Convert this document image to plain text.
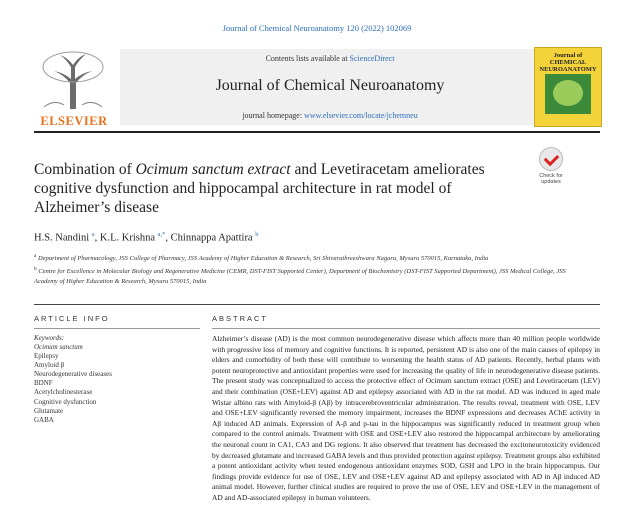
Journal of Chemical Neuroanatomy 120 (2022) 102069
ELSEVIER
Contents lists available at ScienceDirect
Journal of Chemical Neuroanatomy
journal homepage: www.elsevier.com/locate/jchemneu
Journal of CHEMICAL NEUROANATOMY
Combination of Ocimum sanctum extract and Levetiracetam ameliorates cognitive dysfunction and hippocampal architecture in rat model of Alzheimer’s disease
Check for updates
H.S. Nandini $^a$, K.L. Krishna $^{a,*}$, Chinnappa Apattira $^b$
$^a$ Department of Pharmacology, JSS College of Pharmacy, JSS Academy of Higher Education & Research, Sri Shivarathreeshwara Nagara, Mysuru 570015, Karnataka, India
$^b$ Centre for Excellence in Molecular Biology and Regenerative Medicine (CEMR, DST-FIST Supported Center), Department of Biochemistry (DST-FIST Supported Department), JSS Medical College, JSS Academy of Higher Education & Research, Mysuru 570015, India
ARTICLE INFO	ABSTRACT
Keywords:
Ocimum sanctum
Epilepsy
Amyloid β
Neurodegenerative diseases
BDNF
Acetylcholinesterase
Cognitive dysfunction
Glutamate
GABA
Alzheimer’s disease (AD) is the most common neurodegenerative disease which affects more than 40 million people worldwide with progressive loss of memory and cognitive functions. It is reported, persistent AD is also one of the main causes of epilepsy in elders and comorbidity of both these will contribute to worsening the health status of AD patients. Recently, herbal plants with potent neuroprotective and antioxidant properties were used for increasing the quality of life in neurodegenerative disease patients. The present study was conceptualized to access the protective effect of Ocimum sanctum extract (OSE) and Levetiracetam (LEV) and their combination (OSE+LEV) against AD and epilepsy associated with AD in the rat model. AD was induced in aged male Wistar albino rats with Amyloid-β (Aβ) by intracerebroventricular administration. The results reveal, treatment with OSE, LEV and OSE+LEV significantly reversed the memory impairment, increases the BDNF expressions and decreases AChE activity in Aβ induced AD animals. Expression of A-β and p-tau in the hippocampus was significantly reduced in treatment group when compared to the control animals. Treatment with OSE and OSE+LEV also restored the hippocampal architecture by ameliorating the neuronal count in CA1, CA3 and DG regions. It also observed that treatment has decreased the excitoneurotoxicity evidenced by decreased glutamate and increased GABA levels and thus provided protection against epilepsy. Treatment groups also exhibited a potent antioxidant activity when tested endogenous antioxidant enzymes SOD, GSH and LPO in the brain hippocampus. Our findings provide evidence for use of OSE, LEV and OSE+LEV against AD and epilepsy associated with AD in Aβ induced AD animal model. However, further clinical studies are required to prove the use of OSE, LEV and OSE+LEV in the management of AD and AD-associated epilepsy in human volunteers.
